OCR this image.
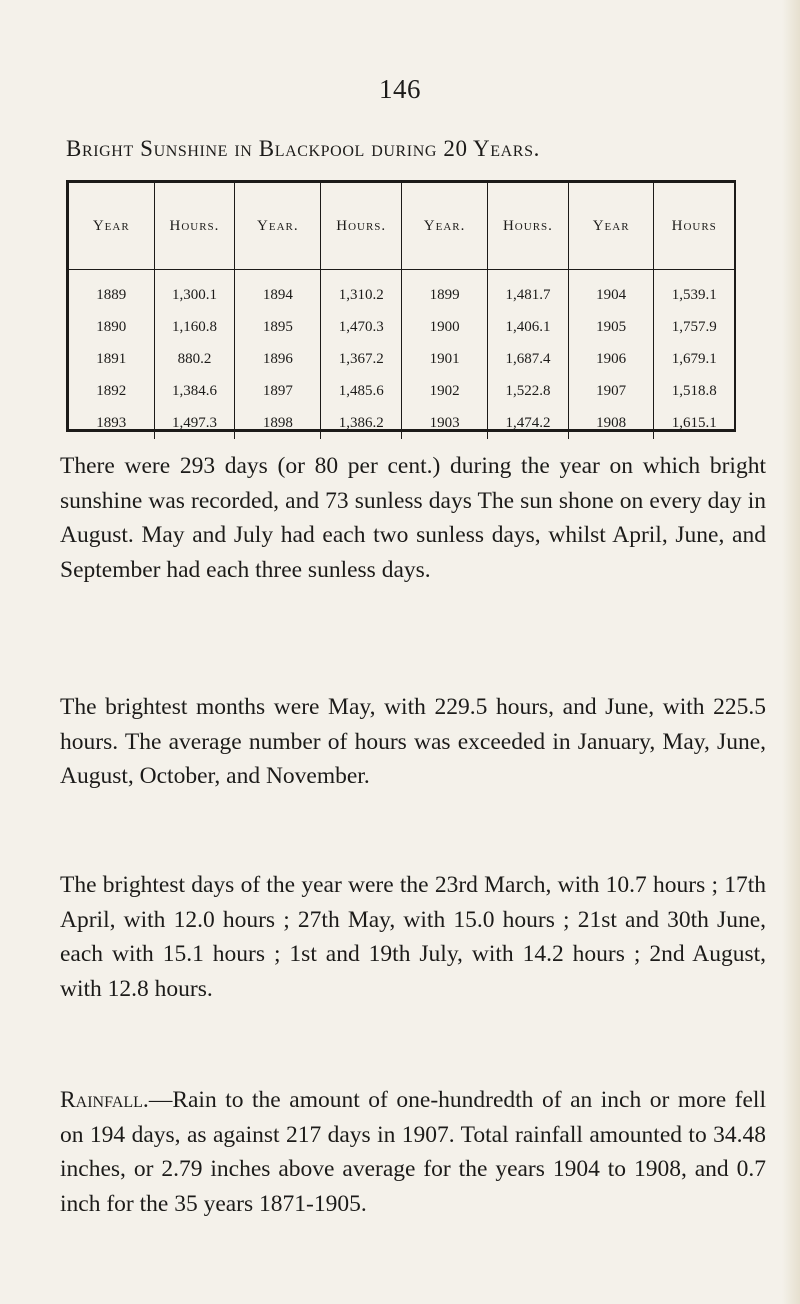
146
Bright Sunshine in Blackpool during 20 Years.
Year	Hours.	Year.	Hours.	Year.	Hours.	Year	Hours
1889	1,300.1	1894	1,310.2	1899	1,481.7	1904	1,539.1
1890	1,160.8	1895	1,470.3	1900	1,406.1	1905	1,757.9
1891	880.2	1896	1,367.2	1901	1,687.4	1906	1,679.1
1892	1,384.6	1897	1,485.6	1902	1,522.8	1907	1,518.8
1893	1,497.3	1898	1,386.2	1903	1,474.2	1908	1,615.1
There were 293 days (or 80 per cent.) during the year on which bright sunshine was recorded, and 73 sunless days The sun shone on every day in August. May and July had each two sunless days, whilst April, June, and September had each three sunless days.
The brightest months were May, with 229.5 hours, and June, with 225.5 hours. The average number of hours was exceeded in January, May, June, August, October, and November.
The brightest days of the year were the 23rd March, with 10.7 hours ; 17th April, with 12.0 hours ; 27th May, with 15.0 hours ; 21st and 30th June, each with 15.1 hours ; 1st and 19th July, with 14.2 hours ; 2nd August, with 12.8 hours.
Rainfall.—Rain to the amount of one-hundredth of an inch or more fell on 194 days, as against 217 days in 1907. Total rainfall amounted to 34.48 inches, or 2.79 inches above average for the years 1904 to 1908, and 0.7 inch for the 35 years 1871-1905.
